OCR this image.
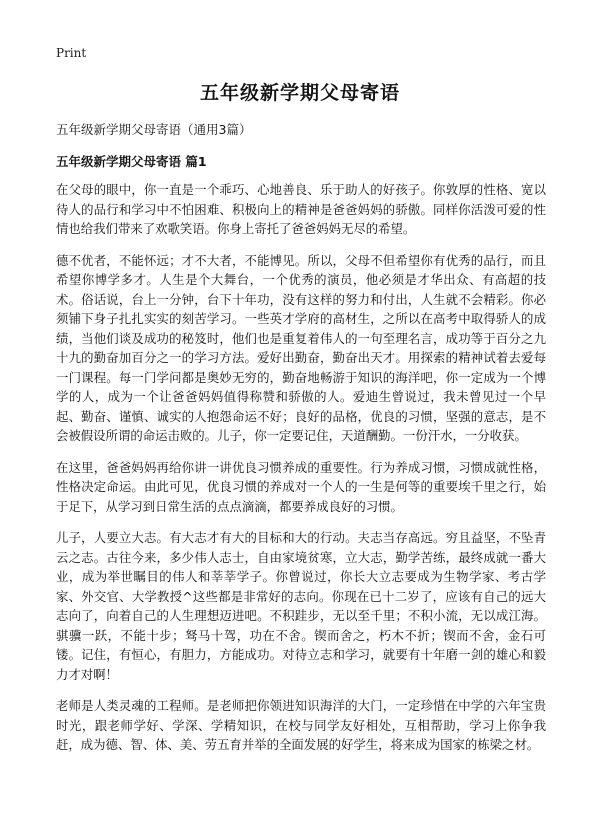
Print
五年级新学期父母寄语
五年级新学期父母寄语（通用3篇）
五年级新学期父母寄语 篇1

在父母的眼中，你一直是一个乖巧、心地善良、乐于助人的好孩子。你敦厚的性格、宽以待人的品行和学习中不怕困难、积极向上的精神是爸爸妈妈的骄傲。同样你活泼可爱的性情也给我们带来了欢歌笑语。你身上寄托了爸爸妈妈无尽的希望。

德不优者，不能怀远；才不大者，不能博见。所以，父母不但希望你有优秀的品行，而且希望你博学多才。人生是个大舞台，一个优秀的演员，他必须是才华出众、有高超的技术。俗话说，台上一分钟，台下十年功，没有这样的努力和付出，人生就不会精彩。你必须铺下身子扎扎实实的刻苦学习。一些英才学府的高材生，之所以在高考中取得骄人的成绩，当他们谈及成功的秘笈时，他们也是重复着伟人的一句至理名言，成功等于百分之九十九的勤奋加百分之一的学习方法。爱好出勤奋，勤奋出天才。用探索的精神试着去爱每一门课程。每一门学问都是奥妙无穷的，勤奋地畅游于知识的海洋吧，你一定成为一个博学的人，成为一个让爸爸妈妈值得称赞和骄傲的人。爱迪生曾说过，我未曾见过一个早起、勤奋、谨慎、诚实的人抱怨命运不好；良好的品格，优良的习惯，坚强的意志，是不会被假设所谓的命运击败的。儿子，你一定要记住，天道酬勤。一份汗水，一分收获。

在这里，爸爸妈妈再给你讲一讲优良习惯养成的重要性。行为养成习惯，习惯成就性格，性格决定命运。由此可见，优良习惯的养成对一个人的一生是何等的重要埃千里之行，始于足下，从学习到日常生活的点点滴滴，都要养成良好的习惯。

儿子，人要立大志。有大志才有大的目标和大的行动。夫志当存高远。穷且益坚，不坠青云之志。古往今来，多少伟人志士，自由家境贫寒，立大志，勤学苦练，最终成就一番大业，成为举世瞩目的伟人和莘莘学子。你曾说过，你长大立志要成为生物学家、考古学家、外交官、大学教授^这些都是非常好的志向。你现在已十二岁了，应该有自己的远大志向了，向着自己的人生理想迈进吧。不积跬步，无以至千里；不积小流，无以成江海。骐骥一跃，不能十步；驽马十驾，功在不舍。锲而舍之，朽木不折；锲而不舍，金石可镂。记住，有恒心，有胆力，方能成功。对待立志和学习，就要有十年磨一剑的雄心和毅力才对啊！

老师是人类灵魂的工程师。是老师把你领进知识海洋的大门，一定珍惜在中学的六年宝贵时光，跟老师学好、学深、学精知识，在校与同学友好相处，互相帮助，学习上你争我赶，成为德、智、体、美、劳五育并举的全面发展的好学生，将来成为国家的栋梁之材。
